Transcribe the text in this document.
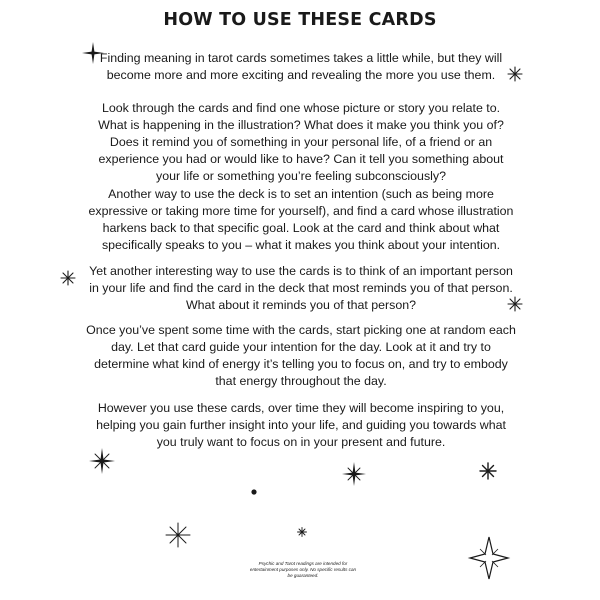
HOW TO USE THESE CARDS

Finding meaning in tarot cards sometimes takes a little while, but they will become more and more exciting and revealing the more you use them.

Look through the cards and find one whose picture or story you relate to. What is happening in the illustration? What does it make you think you of? Does it remind you of something in your personal life, of a friend or an experience you had or would like to have? Can it tell you something about your life or something you’re feeling subconsciously?

Another way to use the deck is to set an intention (such as being more expressive or taking more time for yourself), and find a card whose illustration harkens back to that specific goal. Look at the card and think about what specifically speaks to you – what it makes you think about your intention.

Yet another interesting way to use the cards is to think of an important person in your life and find the card in the deck that most reminds you of that person. What about it reminds you of that person?

Once you’ve spent some time with the cards, start picking one at random each day. Let that card guide your intention for the day. Look at it and try to determine what kind of energy it’s telling you to focus on, and try to embody that energy throughout the day.

However you use these cards, over time they will become inspiring to you, helping you gain further insight into your life, and guiding you towards what you truly want to focus on in your present and future.

Psychic and Tarot readings are intended for entertainment purposes only. No specific results can be guaranteed.
